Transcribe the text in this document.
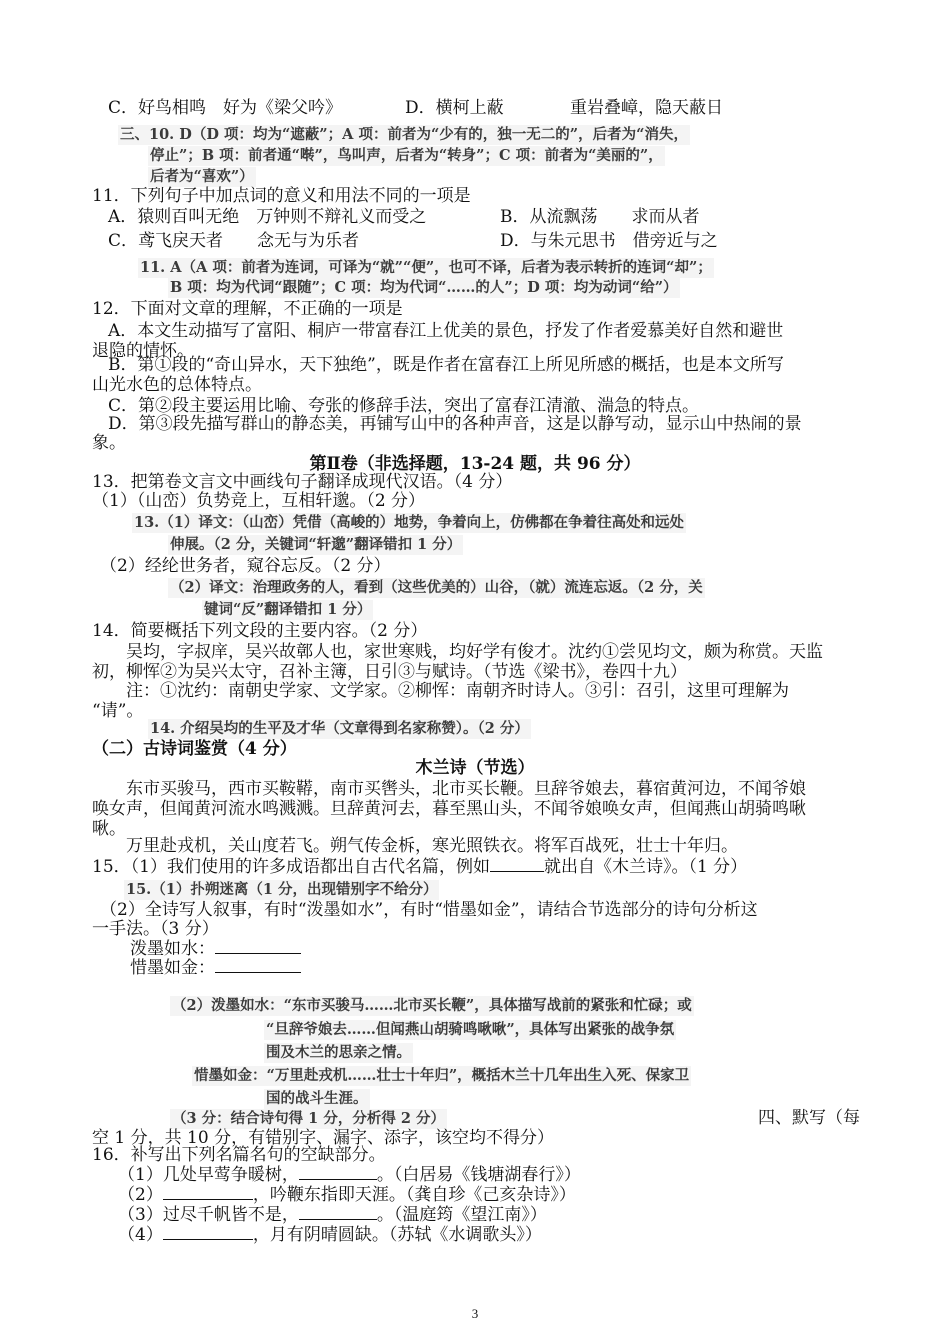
C．好鸟相鸣　好为《梁父吟》	D．横柯上蔽	重岩叠嶂，隐天蔽日
三、10. D（D 项：均为“遮蔽”；A 项：前者为“少有的，独一无二的”，后者为“消失，
停止”；B 项：前者通“啭”，鸟叫声，后者为“转身”；C 项：前者为“美丽的”，
后者为“喜欢”）
11．下列句子中加点词的意义和用法不同的一项是
A．猿则百叫无绝　万钟则不辩礼义而受之	B．从流飘荡　　求而从者
C．鸢飞戾天者　　念无与为乐者	D．与朱元思书　借旁近与之
11. A（A 项：前者为连词，可译为“就”“便”，也可不译，后者为表示转折的连词“却”；
B 项：均为代词“跟随”；C 项：均为代词“……的人”；D 项：均为动词“给”）
12．下面对文章的理解，不正确的一项是
A．本文生动描写了富阳、桐庐一带富春江上优美的景色，抒发了作者爱慕美好自然和避世
退隐的情怀。
B．第①段的“奇山异水，天下独绝”，既是作者在富春江上所见所感的概括，也是本文所写
山光水色的总体特点。
C．第②段主要运用比喻、夸张的修辞手法，突出了富春江清澈、湍急的特点。
D．第③段先描写群山的静态美，再铺写山中的各种声音，这是以静写动，显示山中热闹的景
象。
第Ⅱ卷（非选择题，13-24 题，共 96 分）
13．把第卷文言文中画线句子翻译成现代汉语。（4 分）
（1）（山峦）负势竞上，互相轩邈。（2 分）
13.（1）译文：（山峦）凭借（高峻的）地势，争着向上，仿佛都在争着往高处和远处
伸展。（2 分，关键词“轩邈”翻译错扣 1 分）
（2）经纶世务者，窥谷忘反。（2 分）
（2）译文：治理政务的人，看到（这些优美的）山谷，（就）流连忘返。（2 分，关
键词“反”翻译错扣 1 分）
14．简要概括下列文段的主要内容。（2 分）
吴均，字叔庠，吴兴故鄣人也，家世寒贱，均好学有俊才。沈约①尝见均文，颇为称赏。天监
初，柳恽②为吴兴太守，召补主簿，日引③与赋诗。（节选《梁书》，卷四十九）
注：①沈约：南朝史学家、文学家。②柳恽：南朝齐时诗人。③引：召引，这里可理解为
“请”。
14. 介绍吴均的生平及才华（文章得到名家称赞）。（2 分）
（二）古诗词鉴赏（4 分）
木兰诗（节选）
东市买骏马，西市买鞍鞯，南市买辔头，北市买长鞭。旦辞爷娘去，暮宿黄河边，不闻爷娘
唤女声，但闻黄河流水鸣溅溅。旦辞黄河去，暮至黑山头，不闻爷娘唤女声，但闻燕山胡骑鸣啾
啾。
万里赴戎机，关山度若飞。朔气传金柝，寒光照铁衣。将军百战死，壮士十年归。
15．（1）我们使用的许多成语都出自古代名篇，例如	就出自《木兰诗》。（1 分）
15.（1）扑朔迷离（1 分，出现错别字不给分）
（2）全诗写人叙事，有时“泼墨如水”，有时“惜墨如金”，请结合节选部分的诗句分析这
一手法。（3 分）
泼墨如水：
惜墨如金：
（2）泼墨如水：“东市买骏马……北市买长鞭”，具体描写战前的紧张和忙碌；或
“旦辞爷娘去……但闻燕山胡骑鸣啾啾”，具体写出紧张的战争氛
围及木兰的思亲之情。
惜墨如金：“万里赴戎机……壮士十年归”，概括木兰十几年出生入死、保家卫
国的战斗生涯。
（3 分：结合诗句得 1 分，分析得 2 分）	四、默写（每
空 1 分，共 10 分，有错别字、漏字、添字，该空均不得分）
16．补写出下列名篇名句的空缺部分。
（1）几处早莺争暖树，	。（白居易《钱塘湖春行》）
（2）	，吟鞭东指即天涯。（龚自珍《己亥杂诗》）
（3）过尽千帆皆不是，	。（温庭筠《望江南》）
（4）	，月有阴晴圆缺。（苏轼《水调歌头》）
3
